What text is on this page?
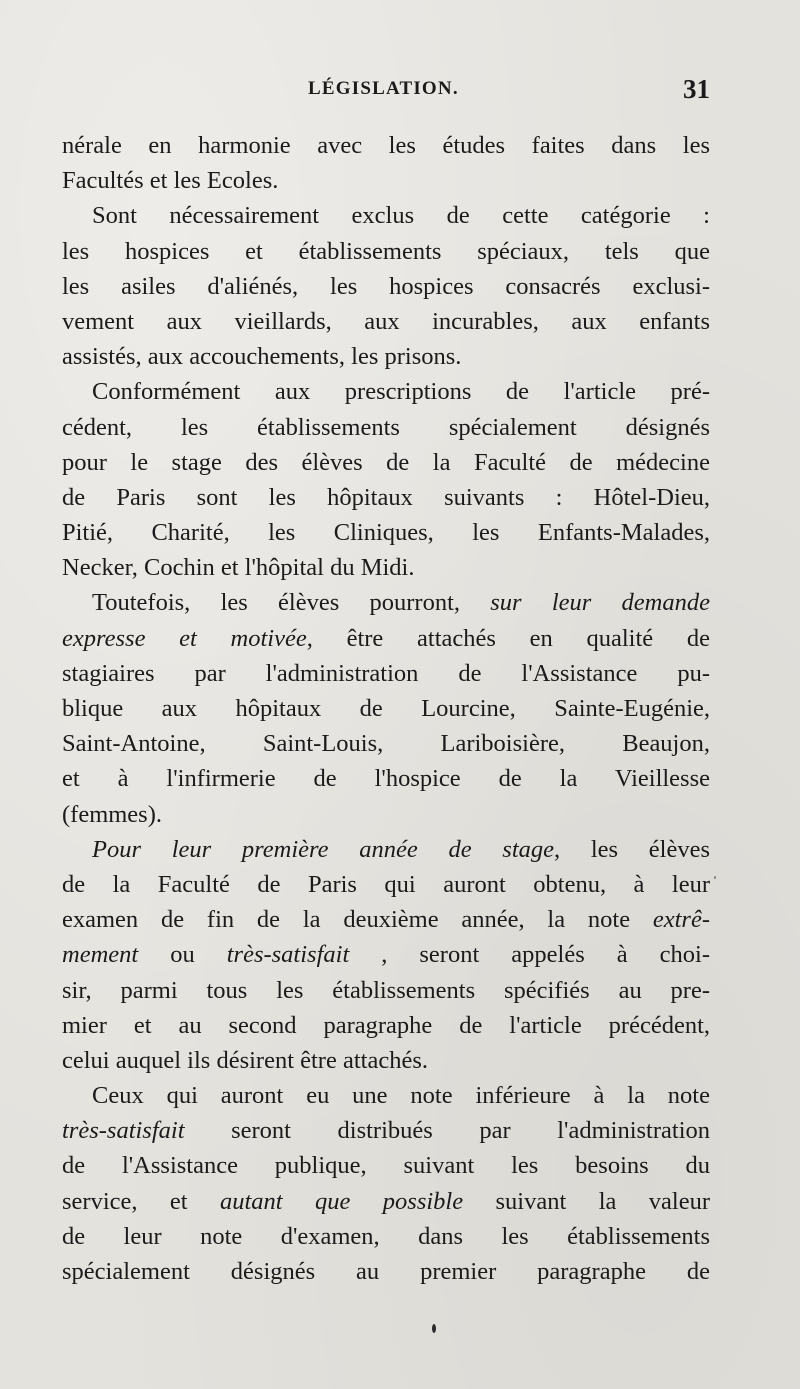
LÉGISLATION.	31
nérale en harmonie avec les études faites dans les
Facultés et les Ecoles.
Sont nécessairement exclus de cette catégorie :
les hospices et établissements spéciaux, tels que
les asiles d'aliénés, les hospices consacrés exclusi-
vement aux vieillards, aux incurables, aux enfants
assistés, aux accouchements, les prisons.
Conformément aux prescriptions de l'article pré-
cédent, les établissements spécialement désignés
pour le stage des élèves de la Faculté de médecine
de Paris sont les hôpitaux suivants : Hôtel-Dieu,
Pitié, Charité, les Cliniques, les Enfants-Malades,
Necker, Cochin et l'hôpital du Midi.
Toutefois, les élèves pourront, sur leur demande
expresse et motivée, être attachés en qualité de
stagiaires par l'administration de l'Assistance pu-
blique aux hôpitaux de Lourcine, Sainte-Eugénie,
Saint-Antoine, Saint-Louis, Lariboisière, Beaujon,
et à l'infirmerie de l'hospice de la Vieillesse
(femmes).
Pour leur première année de stage, les élèves
de la Faculté de Paris qui auront obtenu, à leur
examen de fin de la deuxième année, la note extrê-
mement ou très-satisfait , seront appelés à choi-
sir, parmi tous les établissements spécifiés au pre-
mier et au second paragraphe de l'article précédent,
celui auquel ils désirent être attachés.
Ceux qui auront eu une note inférieure à la note
très-satisfait seront distribués par l'administration
de l'Assistance publique, suivant les besoins du
service, et autant que possible suivant la valeur
de leur note d'examen, dans les établissements
spécialement désignés au premier paragraphe de
